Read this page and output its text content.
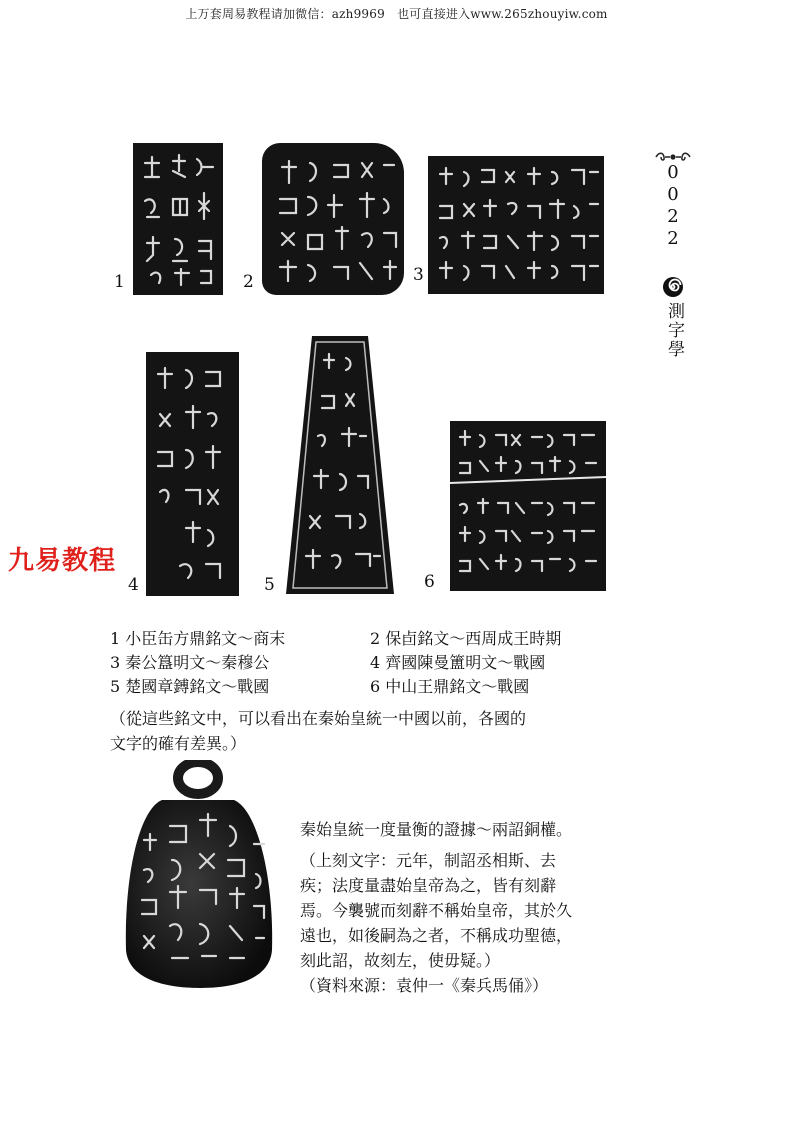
上万套周易教程请加微信：azh9969　也可直接进入www.265zhouyiw.com
0
0
2
2
測字學
九易教程
1	2	3
4	5	6
1 小臣缶方鼎銘文～商末	2 保卣銘文～西周成王時期
3 秦公簋明文～秦穆公	4 齊國陳曼簠明文～戰國
5 楚國章鎛銘文～戰國	6 中山王鼎銘文～戰國
（從這些銘文中，可以看出在秦始皇統一中國以前，各國的
文字的確有差異。）
秦始皇統一度量衡的證據～兩詔銅權。
（上刻文字：元年，制詔丞相斯、去
疾；法度量盡始皇帝為之，皆有刻辭
焉。今襲號而刻辭不稱始皇帝，其於久
遠也，如後嗣為之者，不稱成功聖德，
刻此詔，故刻左，使毋疑。）
（資料來源：袁仲一《秦兵馬俑》）
